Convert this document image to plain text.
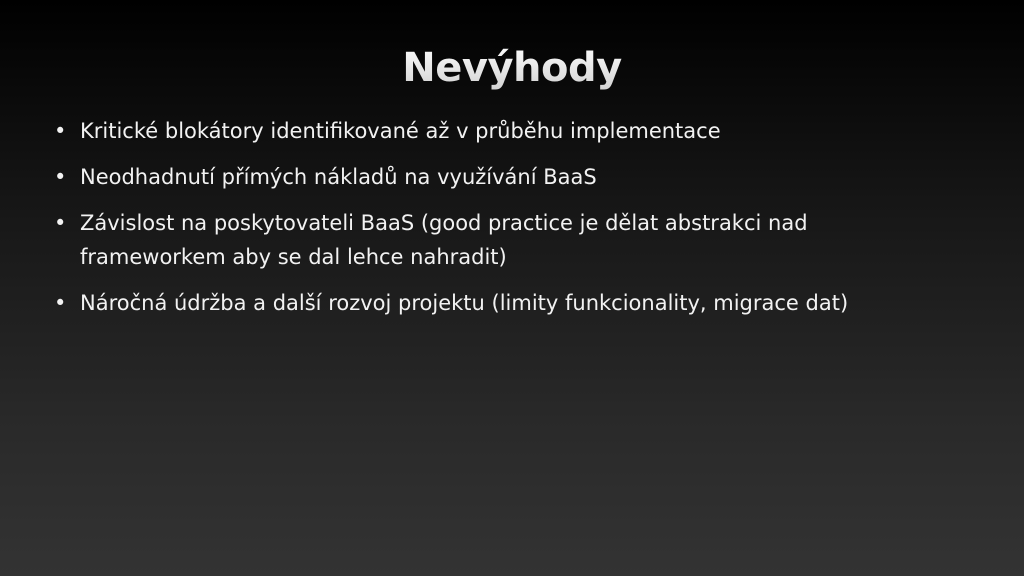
Nevýhody
• Kritické blokátory identifikované až v průběhu implementace
• Neodhadnutí přímých nákladů na využívání BaaS
• Závislost na poskytovateli BaaS (good practice je dělat abstrakci nad frameworkem aby se dal lehce nahradit)
• Náročná údržba a další rozvoj projektu (limity funkcionality, migrace dat)
